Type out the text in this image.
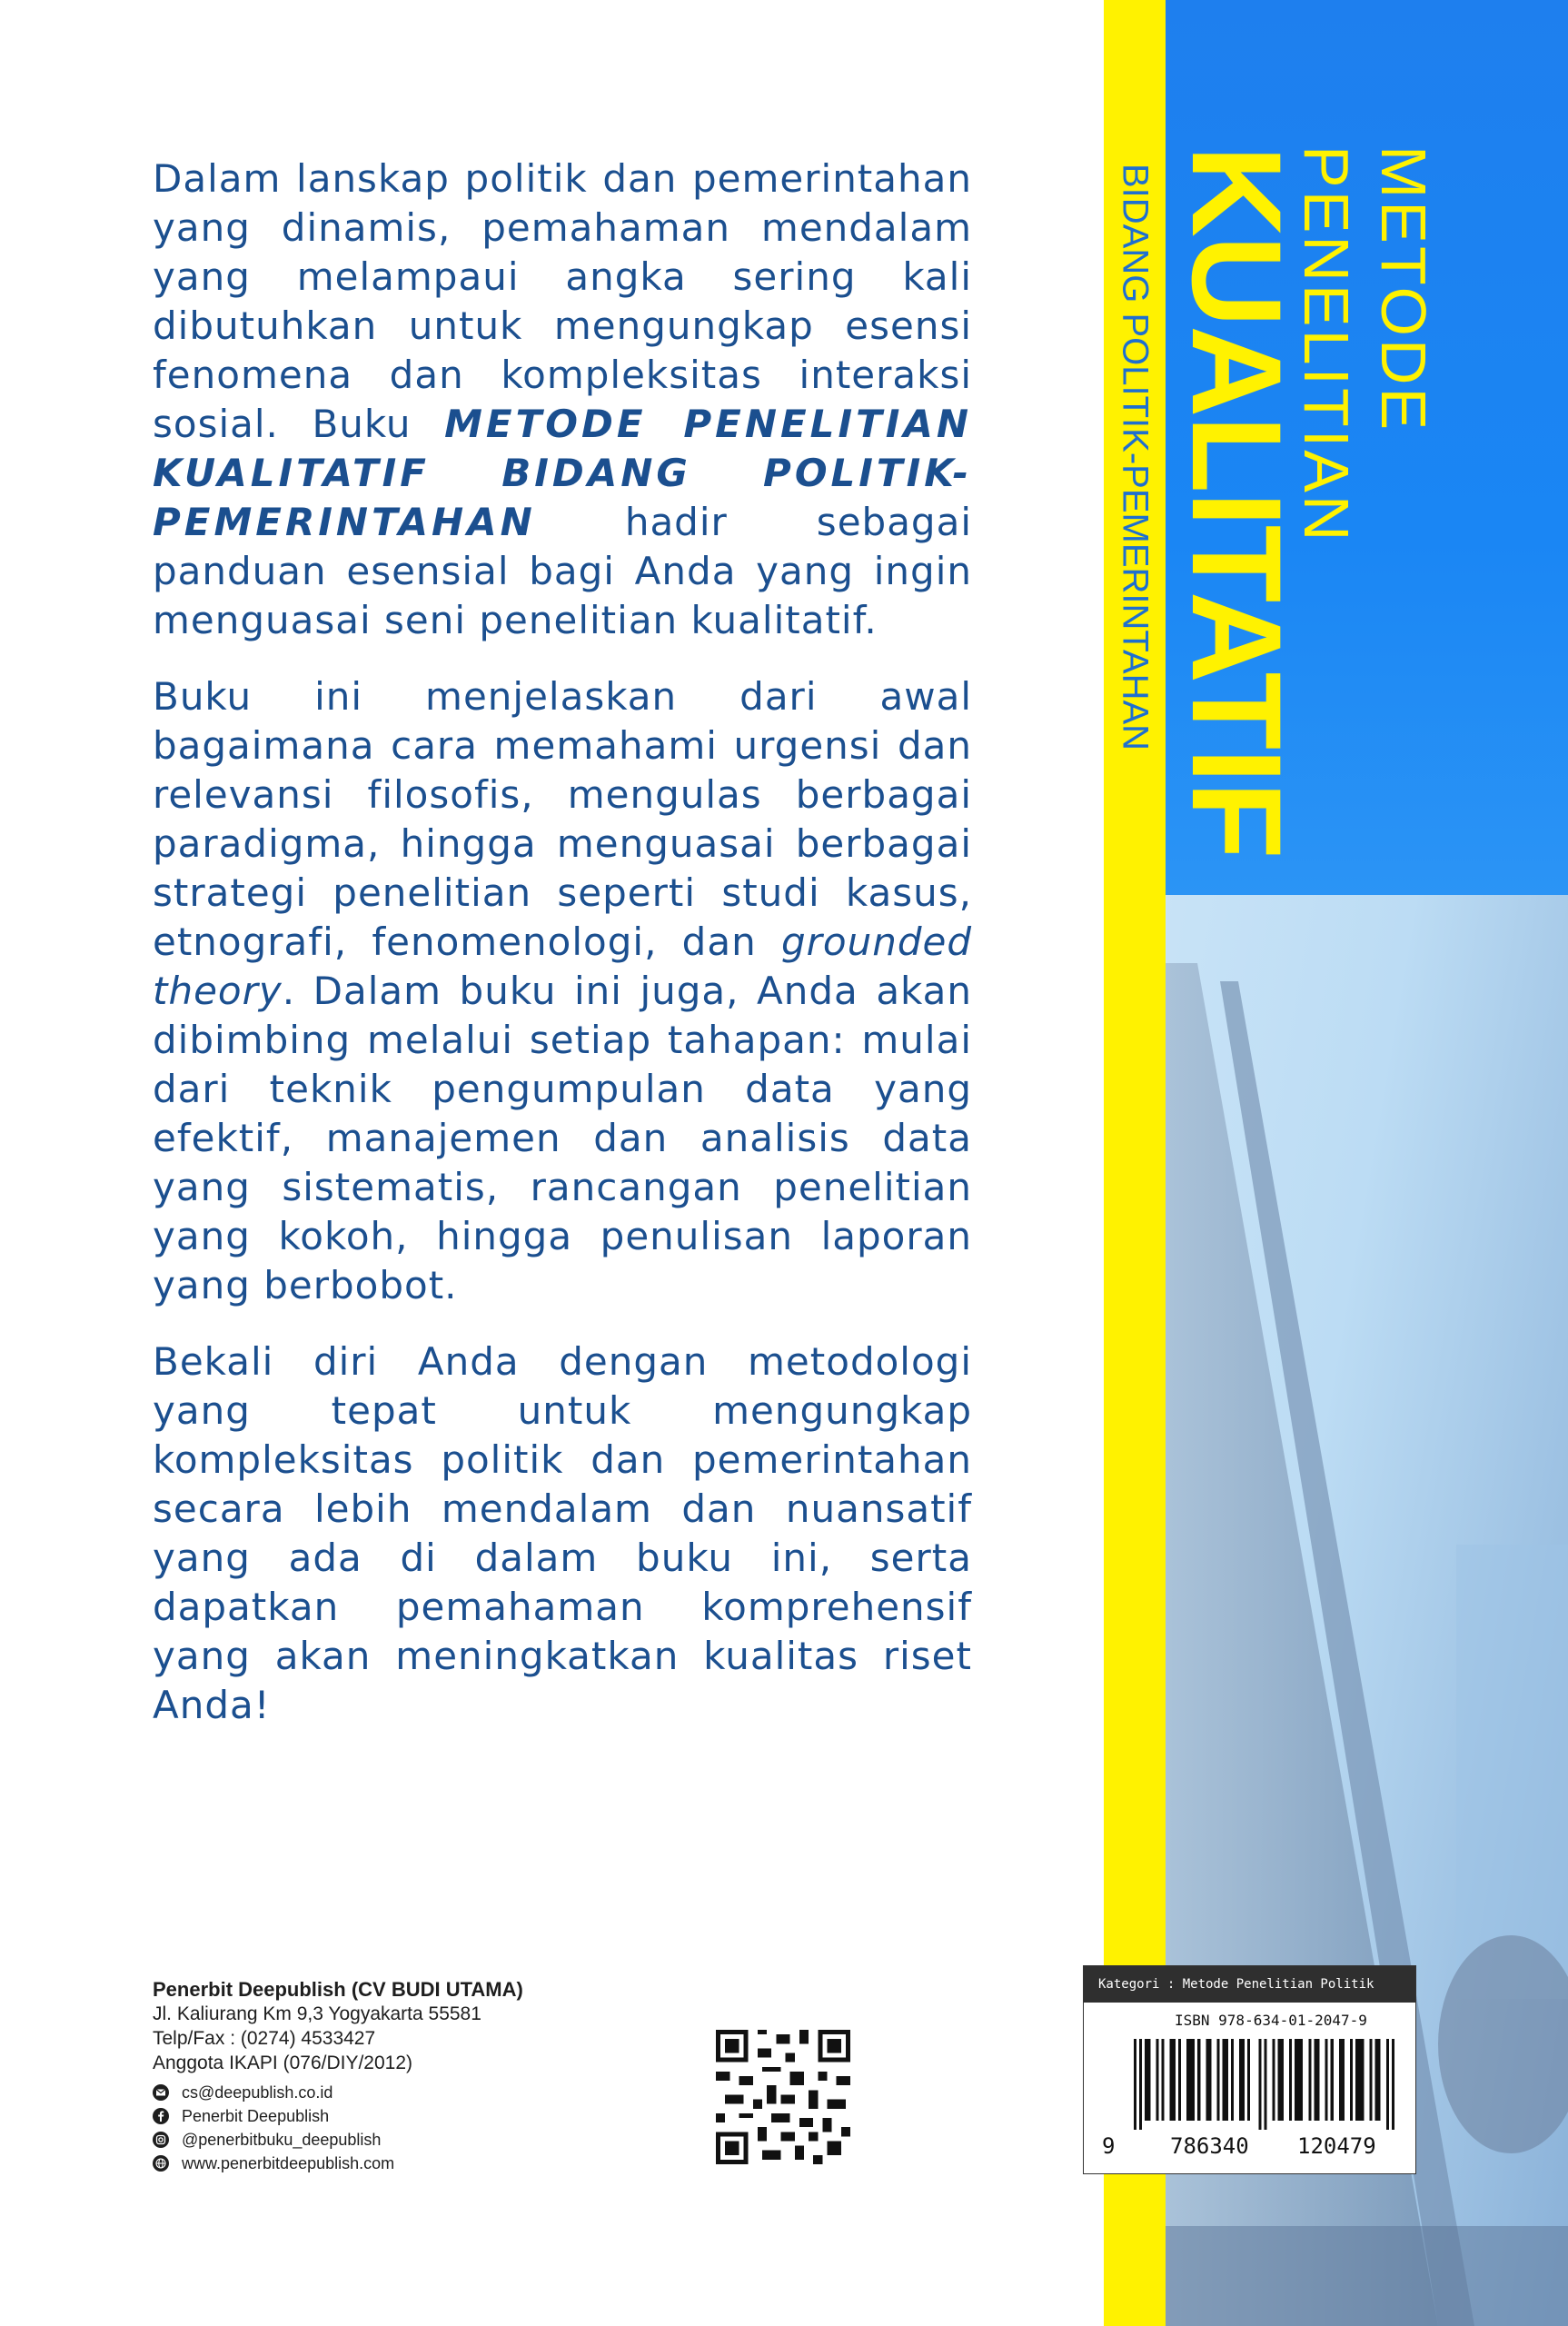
Dalam lanskap politik dan pemerintahan yang dinamis, pemahaman mendalam yang melampaui angka sering kali dibutuhkan untuk mengungkap esensi fenomena dan kompleksitas interaksi sosial. Buku METODE PENELITIAN KUALITATIF BIDANG POLITIK-PEMERINTAHAN hadir sebagai panduan esensial bagi Anda yang ingin menguasai seni penelitian kualitatif.

Buku ini menjelaskan dari awal bagaimana cara memahami urgensi dan relevansi filosofis, mengulas berbagai paradigma, hingga menguasai berbagai strategi penelitian seperti studi kasus, etnografi, fenomenologi, dan grounded theory. Dalam buku ini juga, Anda akan dibimbing melalui setiap tahapan: mulai dari teknik pengumpulan data yang efektif, manajemen dan analisis data yang sistematis, rancangan penelitian yang kokoh, hingga penulisan laporan yang berbobot.

Bekali diri Anda dengan metodologi yang tepat untuk mengungkap kompleksitas politik dan pemerintahan secara lebih mendalam dan nuansatif yang ada di dalam buku ini, serta dapatkan pemahaman komprehensif yang akan meningkatkan kualitas riset Anda!

Penerbit Deepublish (CV BUDI UTAMA)
Jl. Kaliurang Km 9,3 Yogyakarta 55581
Telp/Fax : (0274) 4533427
Anggota IKAPI (076/DIY/2012)
cs@deepublish.co.id
Penerbit Deepublish
@penerbitbuku_deepublish
www.penerbitdeepublish.com
BIDANG POLITIK-PEMERINTAHAN	METODE
PENELITIAN
KUALITATIF
Kategori : Metode Penelitian Politik
ISBN 978-634-01-2047-9
9	786340 120479
